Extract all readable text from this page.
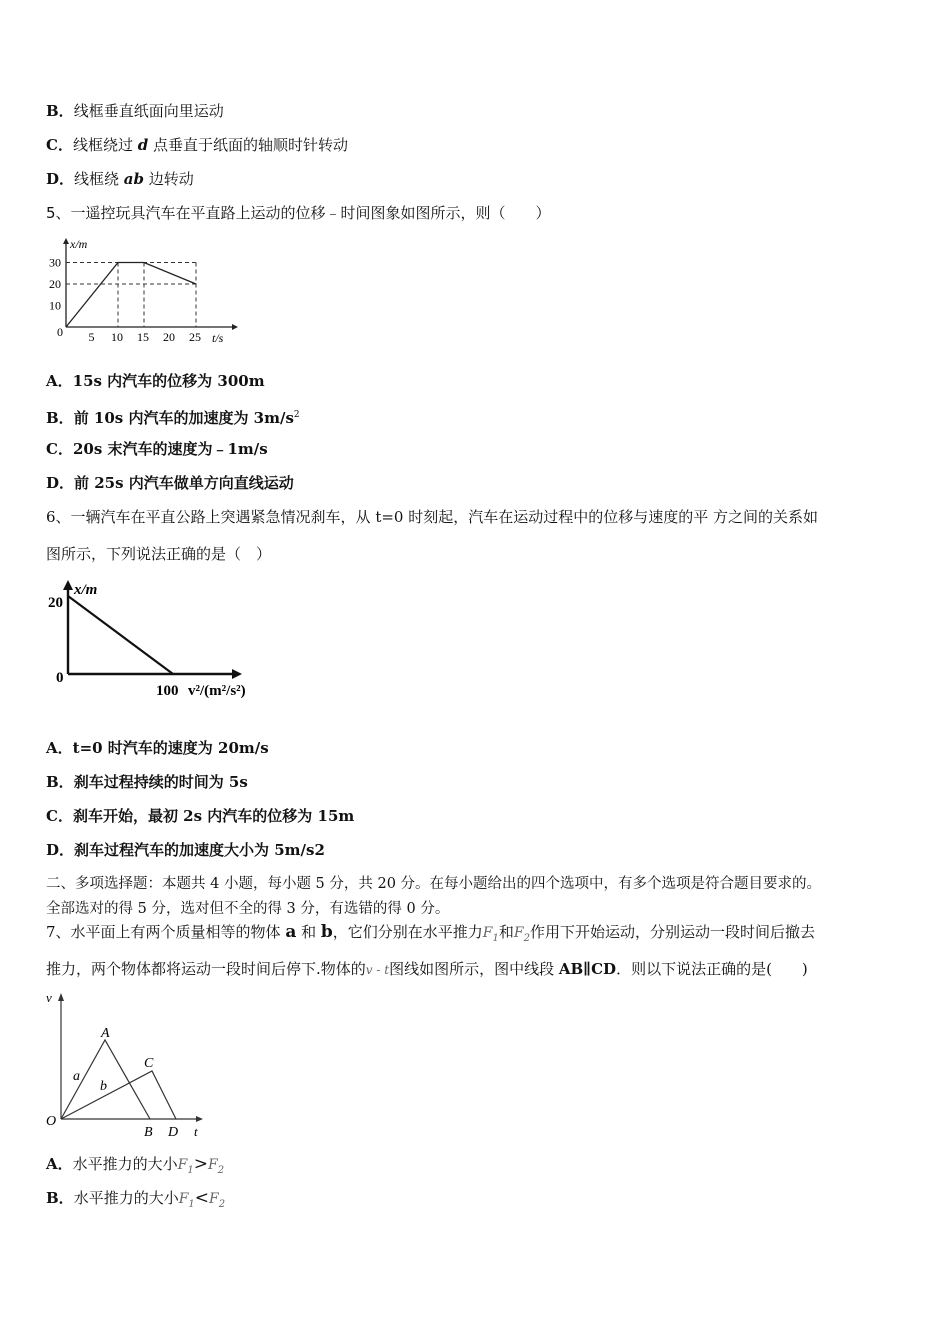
B．线框垂直纸面向里运动
C．线框绕过 d 点垂直于纸面的轴顺时针转动
D．线框绕 ab 边转动
5、一遥控玩具汽车在平直路上运动的位移﹣时间图象如图所示，则（　　）
x/m
t/s
0
30
20
10
5 10 15 20 25
A．15s 内汽车的位移为 300m
B．前 10s 内汽车的加速度为 $3m/s^2$
C．20s 末汽车的速度为﹣1m/s
D．前 25s 内汽车做单方向直线运动
6、一辆汽车在平直公路上突遇紧急情况刹车，从 t=0 时刻起，汽车在运动过程中的位移与速度的平 方之间的关系如
图所示，下列说法正确的是（　）
x/m
20
0
100 v²/(m²/s²)
A．t=0 时汽车的速度为 20m/s
B．刹车过程持续的时间为 5s
C．刹车开始，最初 2s 内汽车的位移为 15m
D．刹车过程汽车的加速度大小为 5m/s2
二、多项选择题：本题共 4 小题，每小题 5 分，共 20 分。在每小题给出的四个选项中，有多个选项是符合题目要求的。
全部选对的得 5 分，选对但不全的得 3 分，有选错的得 0 分。
7、水平面上有两个质量相等的物体 a 和 b，它们分别在水平推力$F_1$和$F_2$作用下开始运动，分别运动一段时间后撤去
推力，两个物体都将运动一段时间后停下.物体的v - t图线如图所示，图中线段 AB∥CD．则以下说法正确的是(　　)
v
t
O
A
B
C
D
a
b
A．水平推力的大小$F_1>F_2$
B．水平推力的大小$F_1<F_2$
